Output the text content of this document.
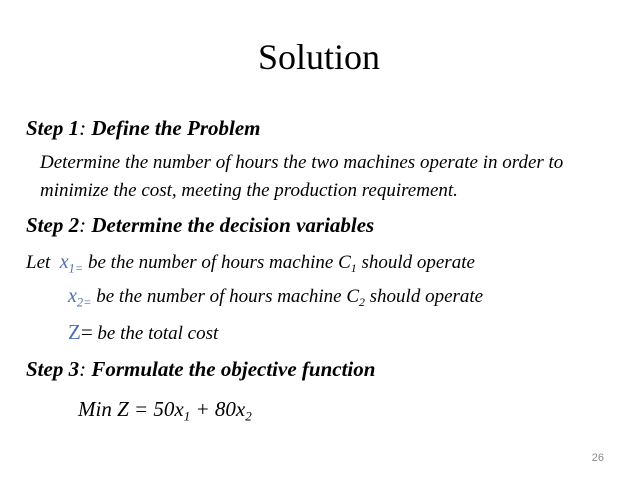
Solution
Step 1: Define the Problem
Determine the number of hours the two machines operate in order to
minimize the cost, meeting the production requirement.
Step 2: Determine the decision variables
Let $x_{1=}$ be the number of hours machine $C_1$ should operate
$x_{2=}$ be the number of hours machine $C_2$ should operate
Z= be the total cost
Step 3: Formulate the objective function
Min $Z = 50x_1 + 80x_2$
26
